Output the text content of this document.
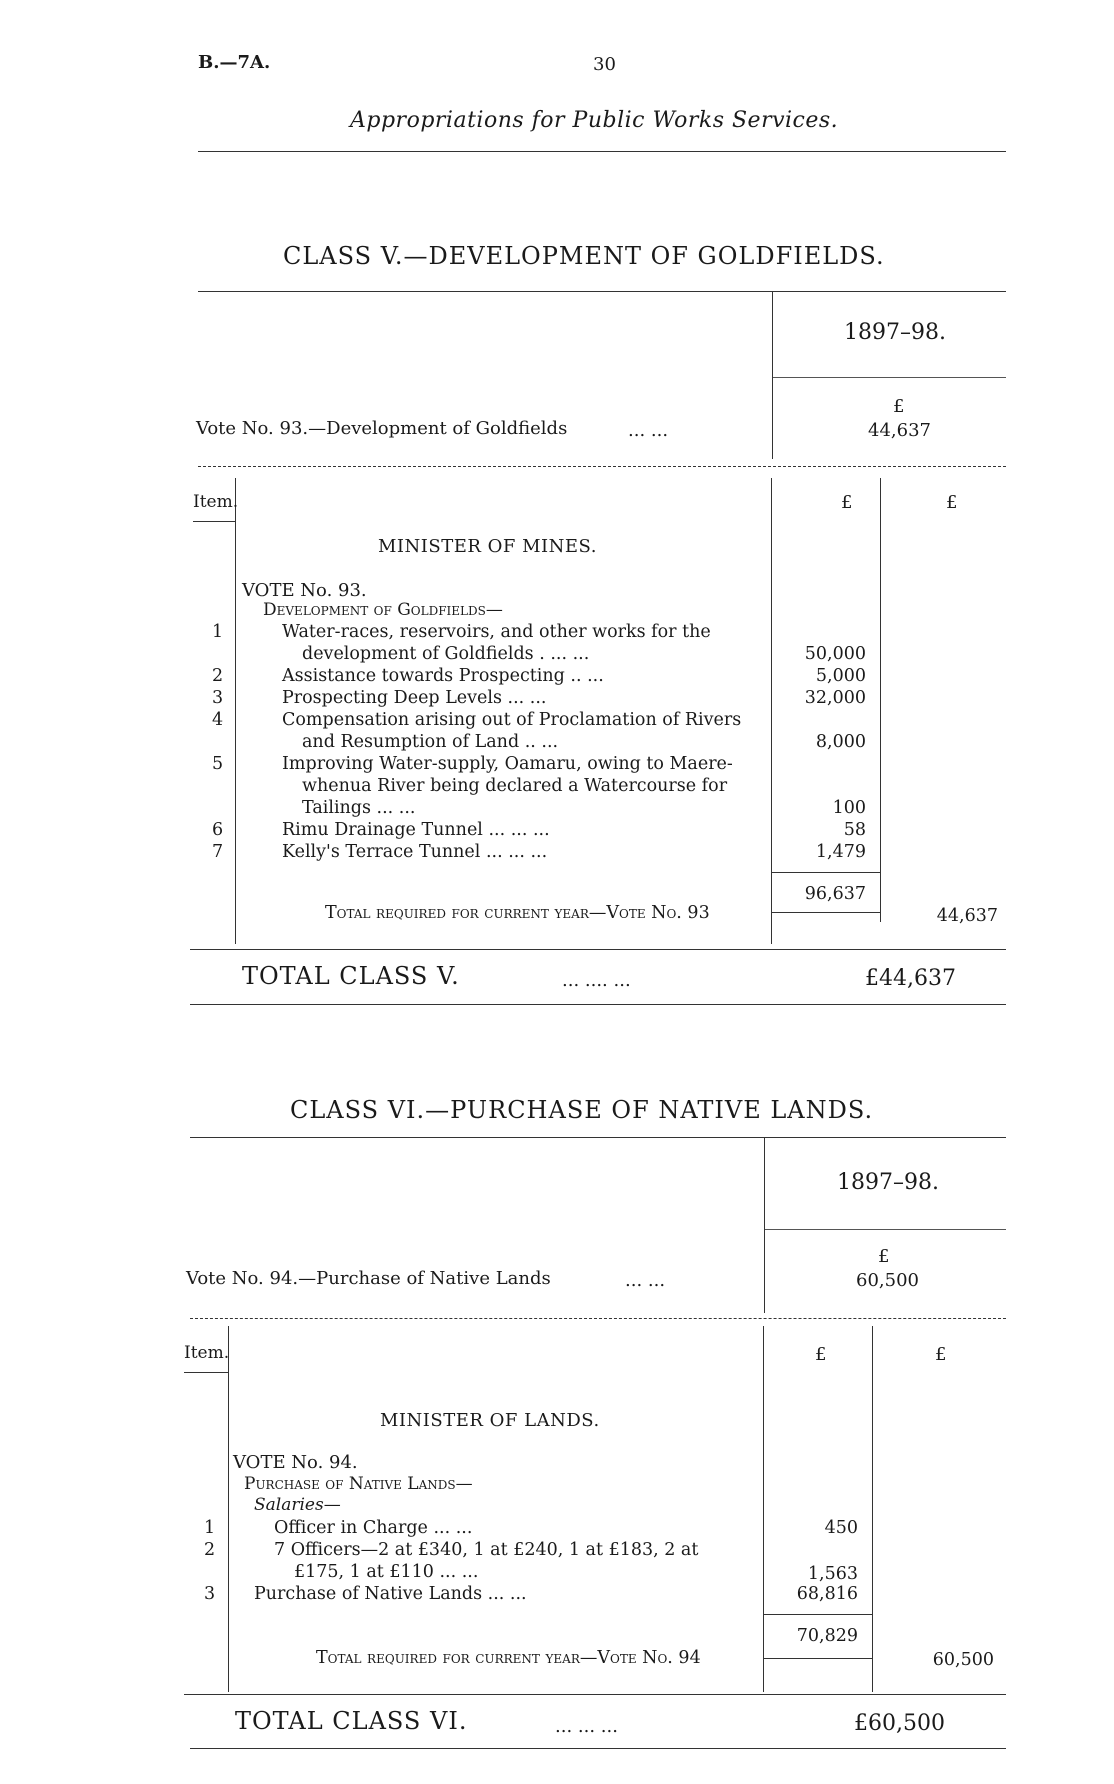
B.—7A.	30
Appropriations for Public Works Services.
CLASS V.—DEVELOPMENT OF GOLDFIELDS.
1897–98.
£
Vote No. 93.—Development of Goldfields	... ...	44,637
Item.	£	£
MINISTER OF MINES.
VOTE No. 93.
Development of Goldfields—
1	Water-races, reservoirs, and other works for the
development of Goldfields . ... ...	50,000
2	Assistance towards Prospecting .. ...	5,000
3	Prospecting Deep Levels ... ...	32,000
4	Compensation arising out of Proclamation of Rivers
and Resumption of Land .. ...	8,000
5	Improving Water-supply, Oamaru, owing to Maere-
whenua River being declared a Watercourse for
Tailings ... ...	100
6	Rimu Drainage Tunnel ... ... ...	58
7	Kelly's Terrace Tunnel ... ... ...	1,479
96,637
Total required for current year—Vote No. 93	44,637
TOTAL CLASS V.	... .... ...	£44,637
CLASS VI.—PURCHASE OF NATIVE LANDS.
1897–98.
£
Vote No. 94.—Purchase of Native Lands	... ...	60,500
Item.	£	£
MINISTER OF LANDS.
VOTE No. 94.
Purchase of Native Lands—
Salaries—
1	Officer in Charge ... ...	450
2	7 Officers—2 at £340, 1 at £240, 1 at £183, 2 at
£175, 1 at £110 ... ...	1,563
3 Purchase of Native Lands ... ...	68,816
70,829
Total required for current year—Vote No. 94	60,500
TOTAL CLASS VI.	... ... ...	£60,500
